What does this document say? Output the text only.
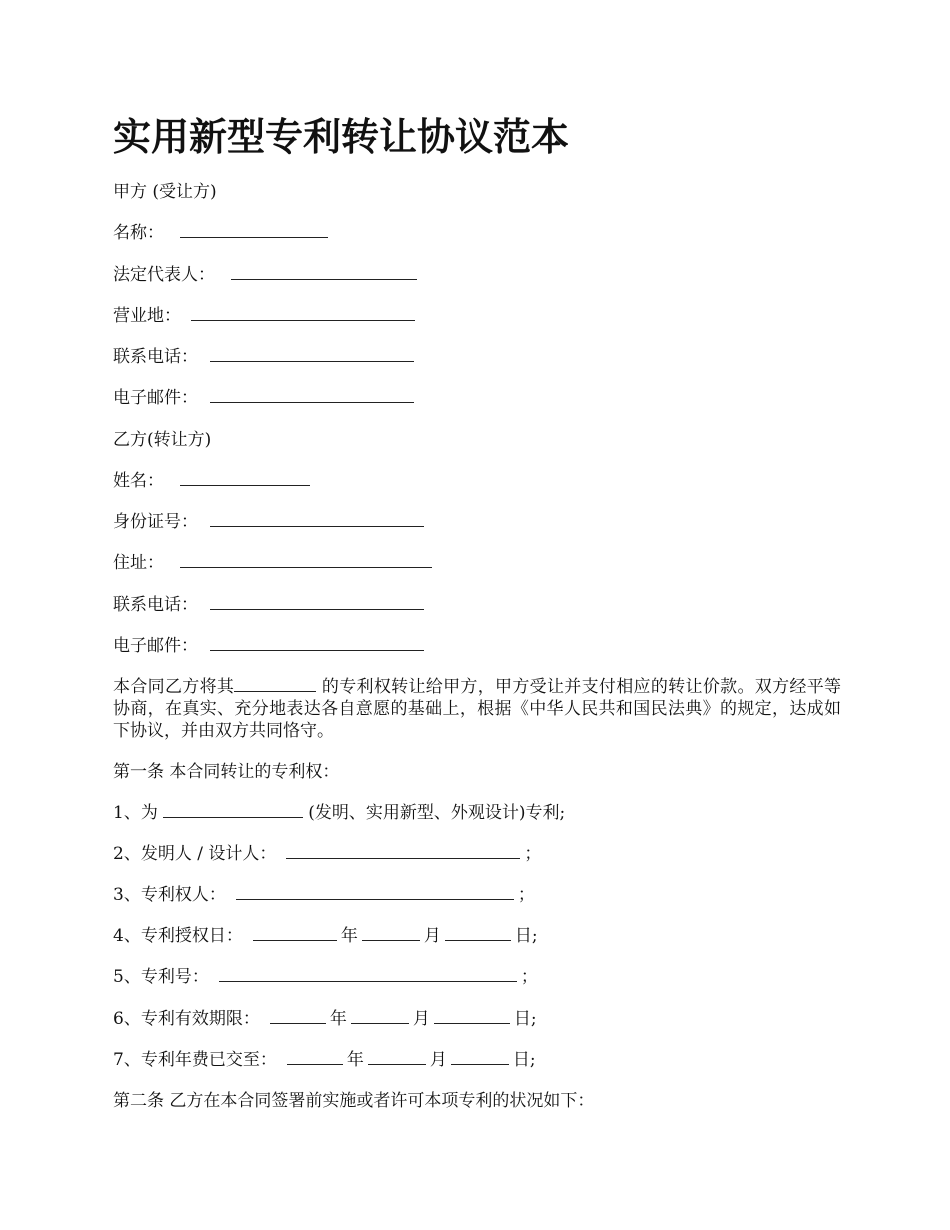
实用新型专利转让协议范本
甲方 (受让方)
名称：
法定代表人：
营业地：
联系电话：
电子邮件：
乙方(转让方)
姓名：
身份证号：
住址：
联系电话：
电子邮件：

本合同乙方将其	的专利权转让给甲方，甲方受让并支付相应的转让价款。双方经平等协商，在真实、充分地表达各自意愿的基础上，根据《中华人民共和国民法典》的规定，达成如下协议，并由双方共同恪守。

第一条 本合同转让的专利权：
1、为	(发明、实用新型、外观设计)专利;
2、发明人 / 设计人：	；
3、专利权人：	；
4、专利授权日：	年	月	日;
5、专利号：	；
6、专利有效期限：	年	月	日;
7、专利年费已交至：	年	月	日;
第二条 乙方在本合同签署前实施或者许可本项专利的状况如下：
